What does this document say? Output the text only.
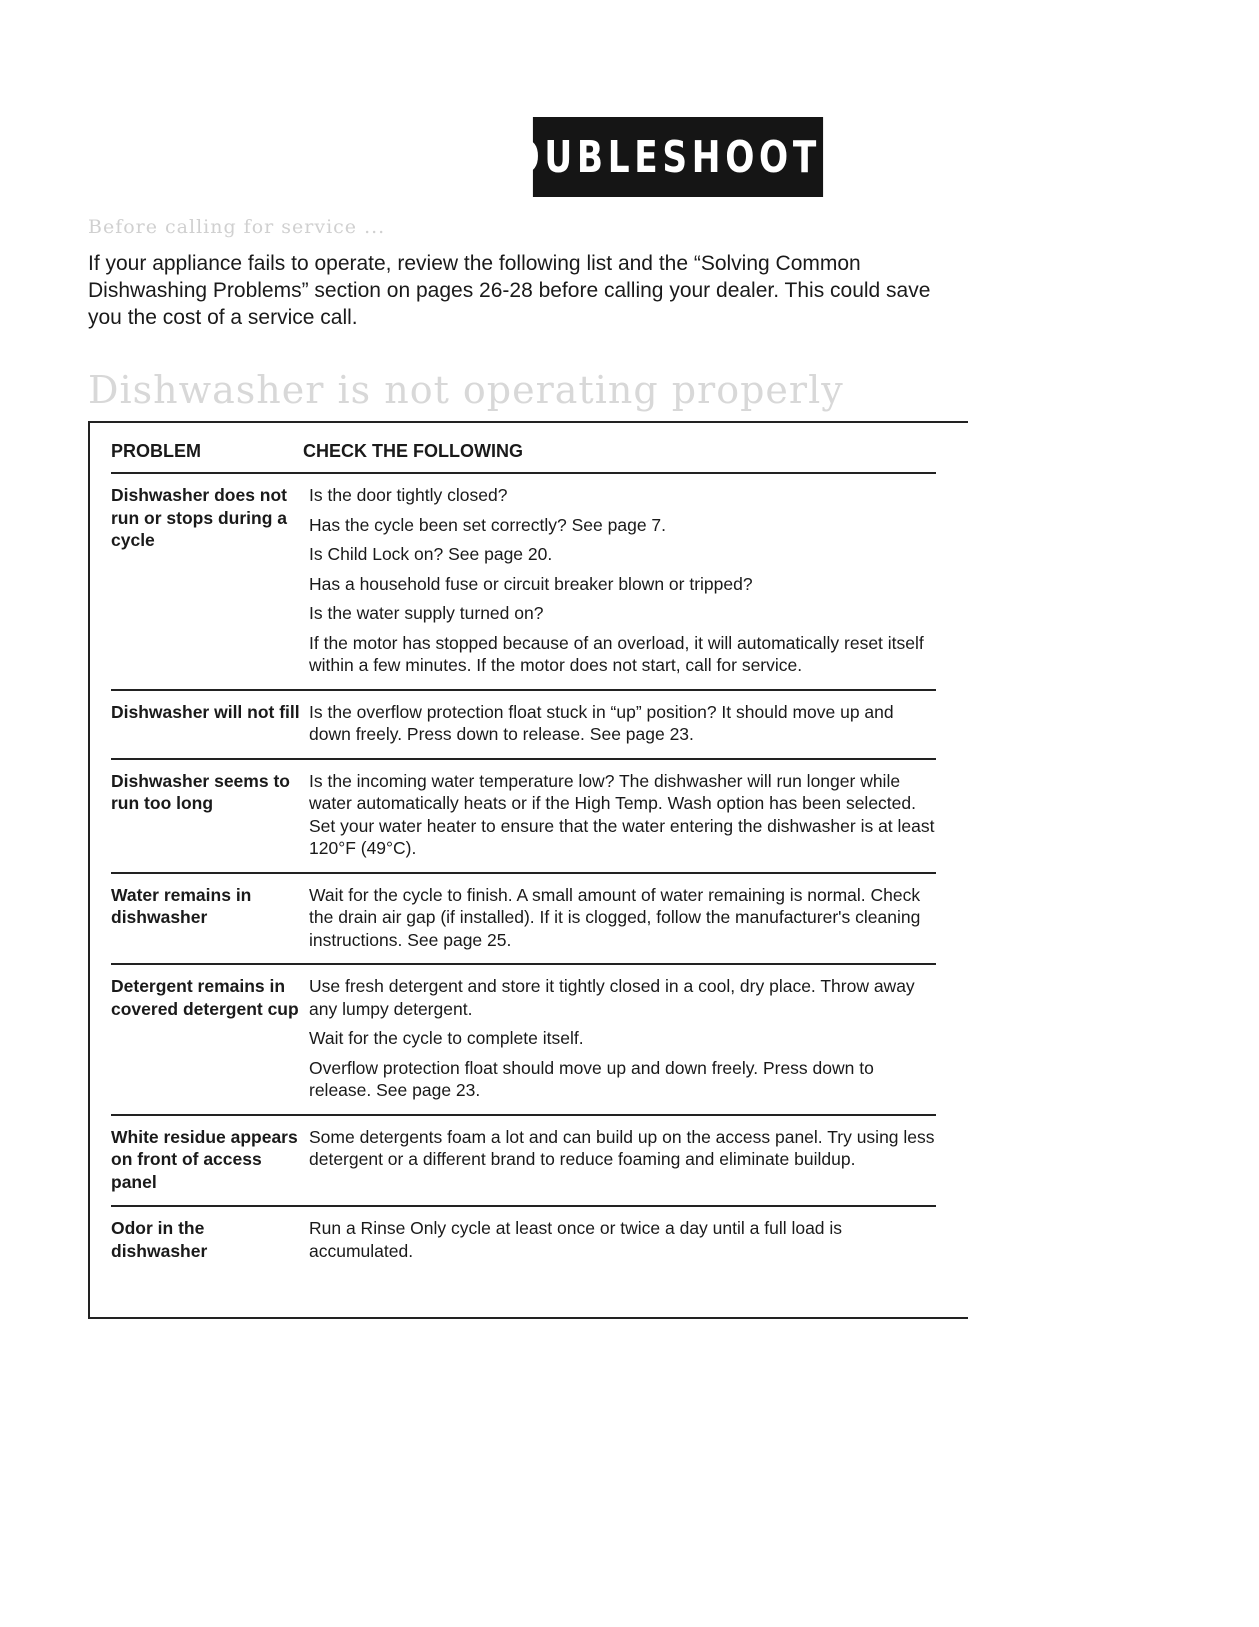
TROUBLESHOOTING
Before calling for service ...
If your appliance fails to operate, review the following list and the “Solving Common Dishwashing Problems” section on pages 26-28 before calling your dealer. This could save you the cost of a service call.
Dishwasher is not operating properly
PROBLEM	CHECK THE FOLLOWING
Dishwasher does not run or stops during a cycle

Is the door tightly closed?

Has the cycle been set correctly? See page 7.

Is Child Lock on? See page 20.

Has a household fuse or circuit breaker blown or tripped?

Is the water supply turned on?

If the motor has stopped because of an overload, it will automatically reset itself within a few minutes. If the motor does not start, call for service.

Dishwasher will not fill Is the overflow protection float stuck in “up” position? It should move up and down freely. Press down to release. See page 23.

Dishwasher seems to run too long

Is the incoming water temperature low? The dishwasher will run longer while water automatically heats or if the High Temp. Wash option has been selected. Set your water heater to ensure that the water entering the dishwasher is at least 120°F (49°C).

Water remains in dishwasher

Wait for the cycle to finish. A small amount of water remaining is normal. Check the drain air gap (if installed). If it is clogged, follow the manufacturer's cleaning instructions. See page 25.

Detergent remains in covered detergent cup

Use fresh detergent and store it tightly closed in a cool, dry place. Throw away any lumpy detergent.

Wait for the cycle to complete itself.

Overflow protection float should move up and down freely. Press down to release. See page 23.

White residue appears on front of access panel

Some detergents foam a lot and can build up on the access panel. Try using less detergent or a different brand to reduce foaming and eliminate buildup.

Odor in the dishwasher

Run a Rinse Only cycle at least once or twice a day until a full load is accumulated.
